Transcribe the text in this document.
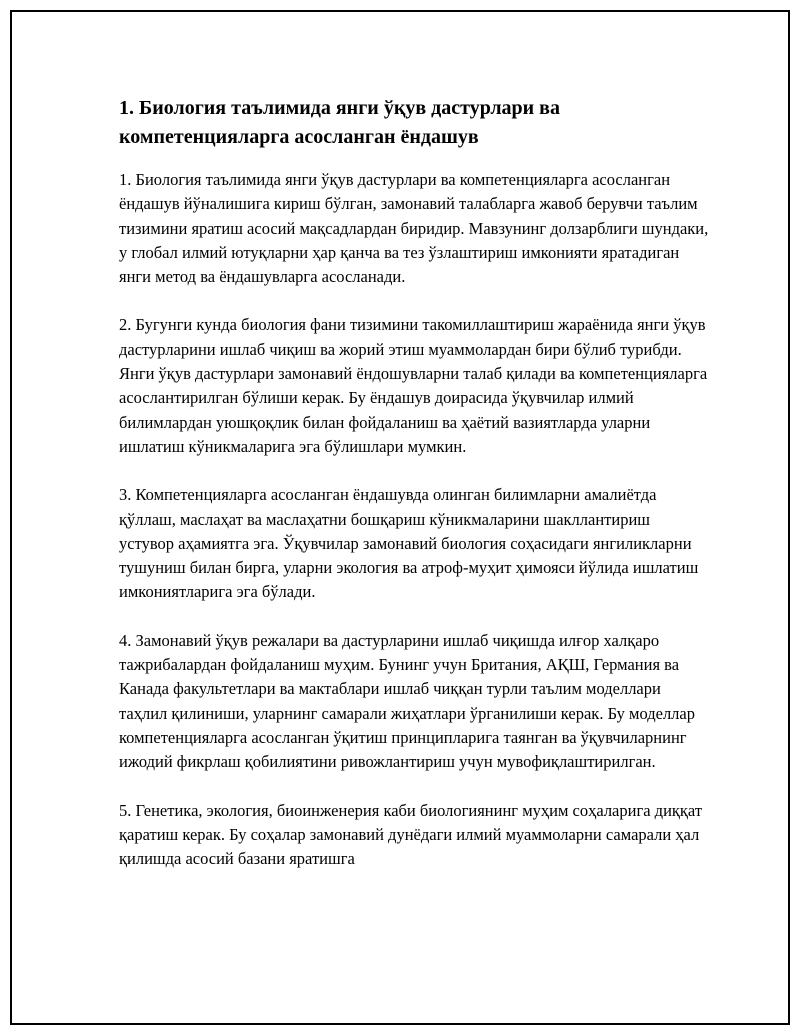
1. Биология таълимида янги ўқув дастурлари ва компетенцияларга асосланган ёндашув

1. Биология таълимида янги ўқув дастурлари ва компетенцияларга асосланган ёндашув йўналишига кириш бўлган, замонавий талабларга жавоб берувчи таълим тизимини яратиш асосий мақсадлардан биридир. Мавзунинг долзарблиги шундаки, у глобал илмий ютуқларни ҳар қанча ва тез ўзлаштириш имконияти яратадиган янги метод ва ёндашувларга асосланади.

2. Бугунги кунда биология фани тизимини такомиллаштириш жараёнида янги ўқув дастурларини ишлаб чиқиш ва жорий этиш муаммолардан бири бўлиб турибди. Янги ўқув дастурлари замонавий ёндошувларни талаб қилади ва компетенцияларга асослантирилган бўлиши керак. Бу ёндашув доирасида ўқувчилар илмий билимлардан уюшқоқлик билан фойдаланиш ва ҳаётий вазиятларда уларни ишлатиш кўникмаларига эга бўлишлари мумкин.

3. Компетенцияларга асосланган ёндашувда олинган билимларни амалиётда қўллаш, маслаҳат ва маслаҳатни бошқариш кўникмаларини шакллантириш устувор аҳамиятга эга. Ўқувчилар замонавий биология соҳасидаги янгиликларни тушуниш билан бирга, уларни экология ва атроф-муҳит ҳимояси йўлида ишлатиш имкониятларига эга бўлади.

4. Замонавий ўқув режалари ва дастурларини ишлаб чиқишда илғор халқаро тажрибалардан фойдаланиш муҳим. Бунинг учун Британия, АҚШ, Германия ва Канада факультетлари ва мактаблари ишлаб чиққан турли таълим моделлари таҳлил қилиниши, уларнинг самарали жиҳатлари ўрганилиши керак. Бу моделлар компетенцияларга асосланган ўқитиш принципларига таянган ва ўқувчиларнинг ижодий фикрлаш қобилиятини ривожлантириш учун мувофиқлаштирилган.

5. Генетика, экология, биоинженерия каби биологиянинг муҳим соҳаларига диққат қаратиш керак. Бу соҳалар замонавий дунёдаги илмий муаммоларни самарали ҳал қилишда асосий базани яратишга
